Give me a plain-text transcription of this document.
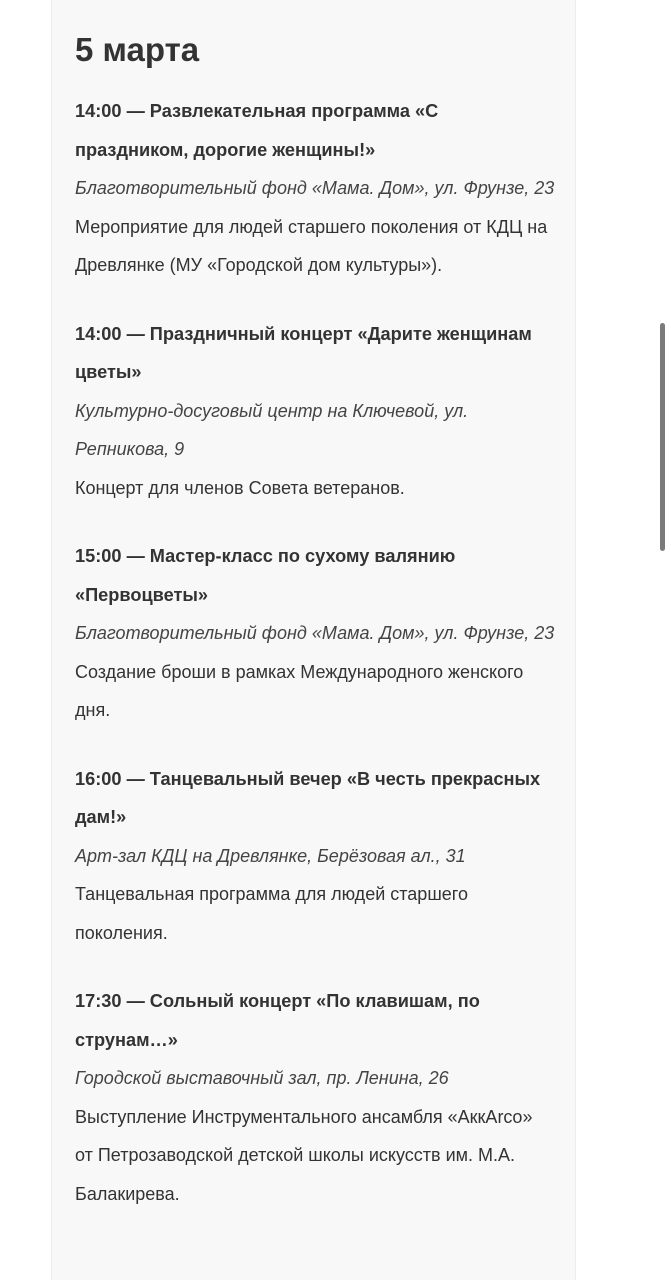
5 марта

14:00 — Развлекательная программа «С праздником, дорогие женщины!»

Благотворительный фонд «Мама. Дом», ул. Фрунзе, 23

Мероприятие для людей старшего поколения от КДЦ на Древлянке (МУ «Городской дом культуры»).

14:00 — Праздничный концерт «Дарите женщинам цветы»

Культурно-досуговый центр на Ключевой, ул. Репникова, 9

Концерт для членов Совета ветеранов.

15:00 — Мастер-класс по сухому валянию «Первоцветы»

Благотворительный фонд «Мама. Дом», ул. Фрунзе, 23

Создание броши в рамках Международного женского дня.

16:00 — Танцевальный вечер «В честь прекрасных дам!»

Арт-зал КДЦ на Древлянке, Берёзовая ал., 31

Танцевальная программа для людей старшего поколения.

17:30 — Сольный концерт «По клавишам, по струнам…»

Городской выставочный зал, пр. Ленина, 26

Выступление Инструментального ансамбля «АккАrco» от Петрозаводской детской школы искусств им. М.А. Балакирева.
